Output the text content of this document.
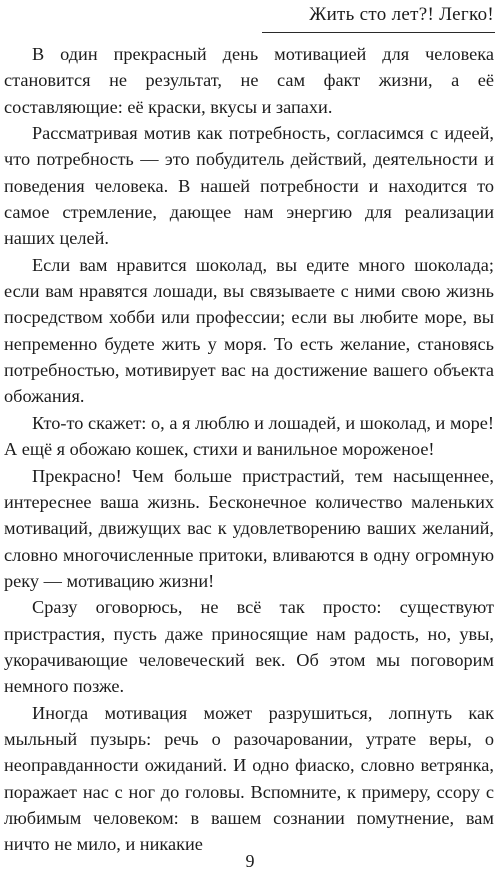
Жить сто лет?! Легко!

В один прекрасный день мотивацией для человека становится не результат, не сам факт жизни, а её составляющие: её краски, вкусы и запахи.

Рассматривая мотив как потребность, согласимся с идеей, что потребность — это побудитель действий, деятельности и поведения человека. В нашей потребности и находится то самое стремление, дающее нам энергию для реализации наших целей.

Если вам нравится шоколад, вы едите много шоколада; если вам нравятся лошади, вы связываете с ними свою жизнь посредством хобби или профессии; если вы любите море, вы непременно будете жить у моря. То есть желание, становясь потребностью, мотивирует вас на достижение вашего объекта обожания.

Кто-то скажет: о, а я люблю и лошадей, и шоколад, и море! А ещё я обожаю кошек, стихи и ванильное мороженое!

Прекрасно! Чем больше пристрастий, тем насыщеннее, интереснее ваша жизнь. Бесконечное количество маленьких мотиваций, движущих вас к удовлетворению ваших желаний, словно многочисленные притоки, вливаются в одну огромную реку — мотивацию жизни!

Сразу оговорюсь, не всё так просто: существуют пристрастия, пусть даже приносящие нам радость, но, увы, укорачивающие человеческий век. Об этом мы поговорим немного позже.

Иногда мотивация может разрушиться, лопнуть как мыльный пузырь: речь о разочаровании, утрате веры, о неоправданности ожиданий. И одно фиаско, словно ветрянка, поражает нас с ног до головы. Вспомните, к примеру, ссору с любимым человеком: в вашем сознании помутнение, вам ничто не мило, и никакие

9
